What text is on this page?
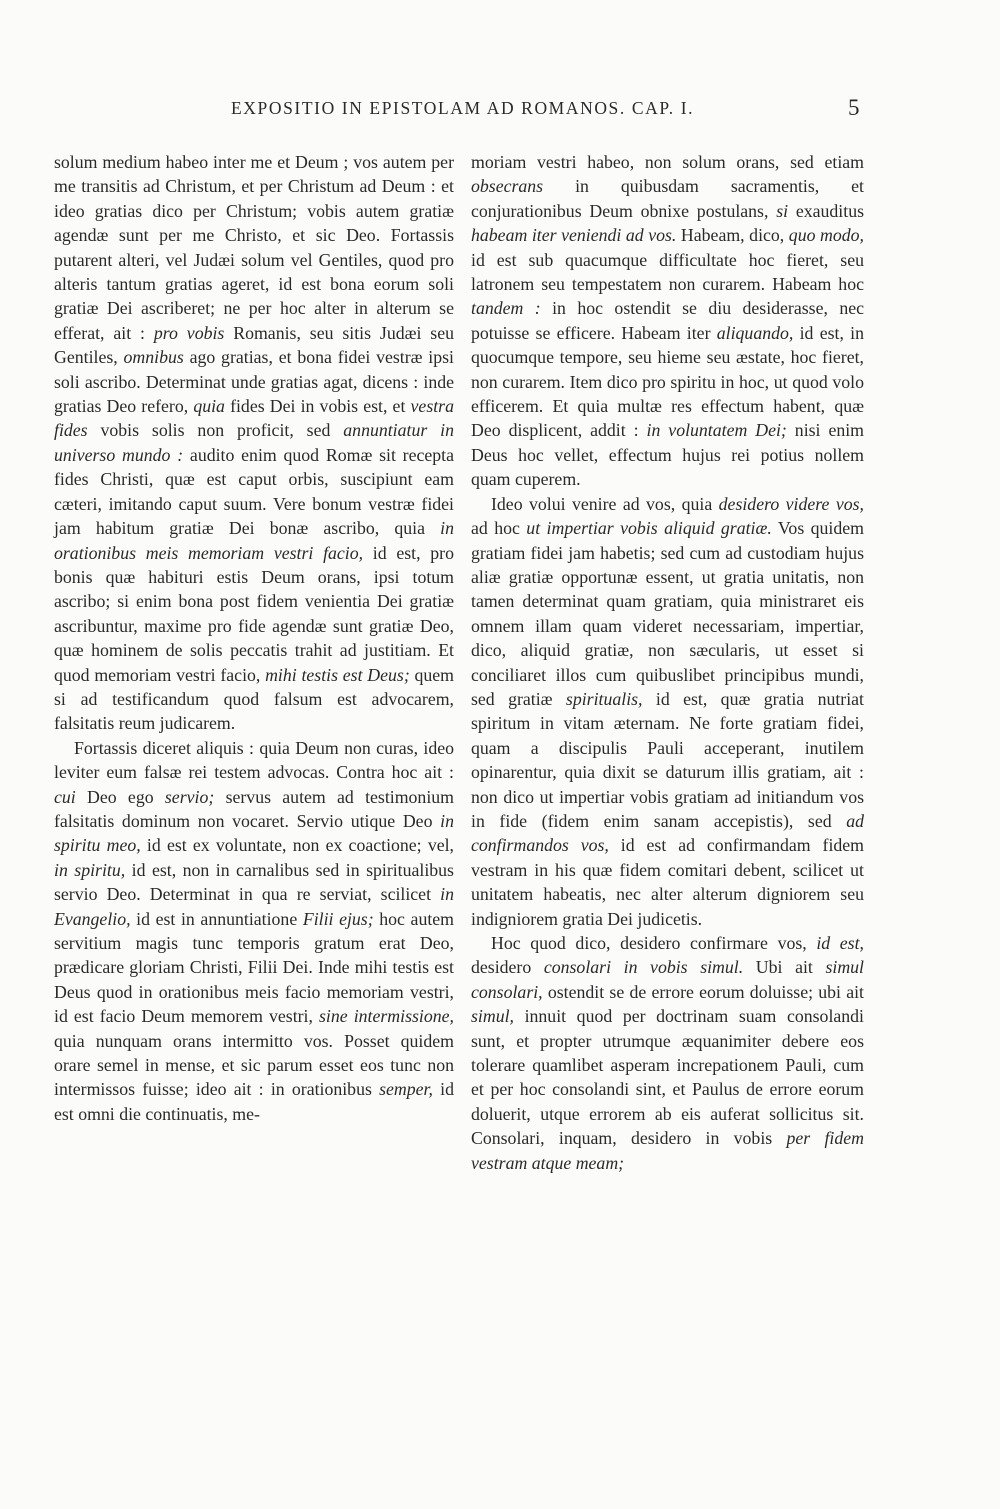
EXPOSITIO IN EPISTOLAM AD ROMANOS. CAP. I.	5

solum medium habeo inter me et Deum ; vos autem per me transitis ad Christum, et per Christum ad Deum : et ideo gratias dico per Christum; vobis autem gratiæ agendæ sunt per me Christo, et sic Deo. Fortassis putarent alteri, vel Judæi solum vel Gentiles, quod pro alteris tantum gratias ageret, id est bona eorum soli gratiæ Dei ascriberet; ne per hoc alter in alterum se efferat, ait : pro vobis Romanis, seu sitis Judæi seu Gentiles, omnibus ago gratias, et bona fidei vestræ ipsi soli ascribo. Determinat unde gratias agat, dicens : inde gratias Deo refero, quia fides Dei in vobis est, et vestra fides vobis solis non proficit, sed annuntiatur in universo mundo : audito enim quod Romæ sit recepta fides Christi, quæ est caput orbis, suscipiunt eam cæteri, imitando caput suum. Vere bonum vestræ fidei jam habitum gratiæ Dei bonæ ascribo, quia in orationibus meis memoriam vestri facio, id est, pro bonis quæ habituri estis Deum orans, ipsi totum ascribo; si enim bona post fidem venientia Dei gratiæ ascribuntur, maxime pro fide agendæ sunt gratiæ Deo, quæ hominem de solis peccatis trahit ad justitiam. Et quod memoriam vestri facio, mihi testis est Deus; quem si ad testificandum quod falsum est advocarem, falsitatis reum judicarem.

Fortassis diceret aliquis : quia Deum non curas, ideo leviter eum falsæ rei testem advocas. Contra hoc ait : cui Deo ego servio; servus autem ad testimonium falsitatis dominum non vocaret. Servio utique Deo in spiritu meo, id est ex voluntate, non ex coactione; vel, in spiritu, id est, non in carnalibus sed in spiritualibus servio Deo. Determinat in qua re serviat, scilicet in Evangelio, id est in annuntiatione Filii ejus; hoc autem servitium magis tunc temporis gratum erat Deo, prædicare gloriam Christi, Filii Dei. Inde mihi testis est Deus quod in orationibus meis facio memoriam vestri, id est facio Deum memorem vestri, sine intermissione, quia nunquam orans intermitto vos. Posset quidem orare semel in mense, et sic parum esset eos tunc non intermissos fuisse; ideo ait : in orationibus semper, id est omni die continuatis, me-

moriam vestri habeo, non solum orans, sed etiam obsecrans in quibusdam sacramentis, et conjurationibus Deum obnixe postulans, si exauditus habeam iter veniendi ad vos. Habeam, dico, quo modo, id est sub quacumque difficultate hoc fieret, seu latronem seu tempestatem non curarem. Habeam hoc tandem : in hoc ostendit se diu desiderasse, nec potuisse se efficere. Habeam iter aliquando, id est, in quocumque tempore, seu hieme seu æstate, hoc fieret, non curarem. Item dico pro spiritu in hoc, ut quod volo efficerem. Et quia multæ res effectum habent, quæ Deo displicent, addit : in voluntatem Dei; nisi enim Deus hoc vellet, effectum hujus rei potius nollem quam cuperem.

Ideo volui venire ad vos, quia desidero videre vos, ad hoc ut impertiar vobis aliquid gratiæ. Vos quidem gratiam fidei jam habetis; sed cum ad custodiam hujus aliæ gratiæ opportunæ essent, ut gratia unitatis, non tamen determinat quam gratiam, quia ministraret eis omnem illam quam videret necessariam, impertiar, dico, aliquid gratiæ, non sæcularis, ut esset si conciliaret illos cum quibuslibet principibus mundi, sed gratiæ spiritualis, id est, quæ gratia nutriat spiritum in vitam æternam. Ne forte gratiam fidei, quam a discipulis Pauli acceperant, inutilem opinarentur, quia dixit se daturum illis gratiam, ait : non dico ut impertiar vobis gratiam ad initiandum vos in fide (fidem enim sanam accepistis), sed ad confirmandos vos, id est ad confirmandam fidem vestram in his quæ fidem comitari debent, scilicet ut unitatem habeatis, nec alter alterum digniorem seu indigniorem gratia Dei judicetis.

Hoc quod dico, desidero confirmare vos, id est, desidero consolari in vobis simul. Ubi ait simul consolari, ostendit se de errore eorum doluisse; ubi ait simul, innuit quod per doctrinam suam consolandi sunt, et propter utrumque æquanimiter debere eos tolerare quamlibet asperam increpationem Pauli, cum et per hoc consolandi sint, et Paulus de errore eorum doluerit, utque errorem ab eis auferat sollicitus sit. Consolari, inquam, desidero in vobis per fidem vestram atque meam;
